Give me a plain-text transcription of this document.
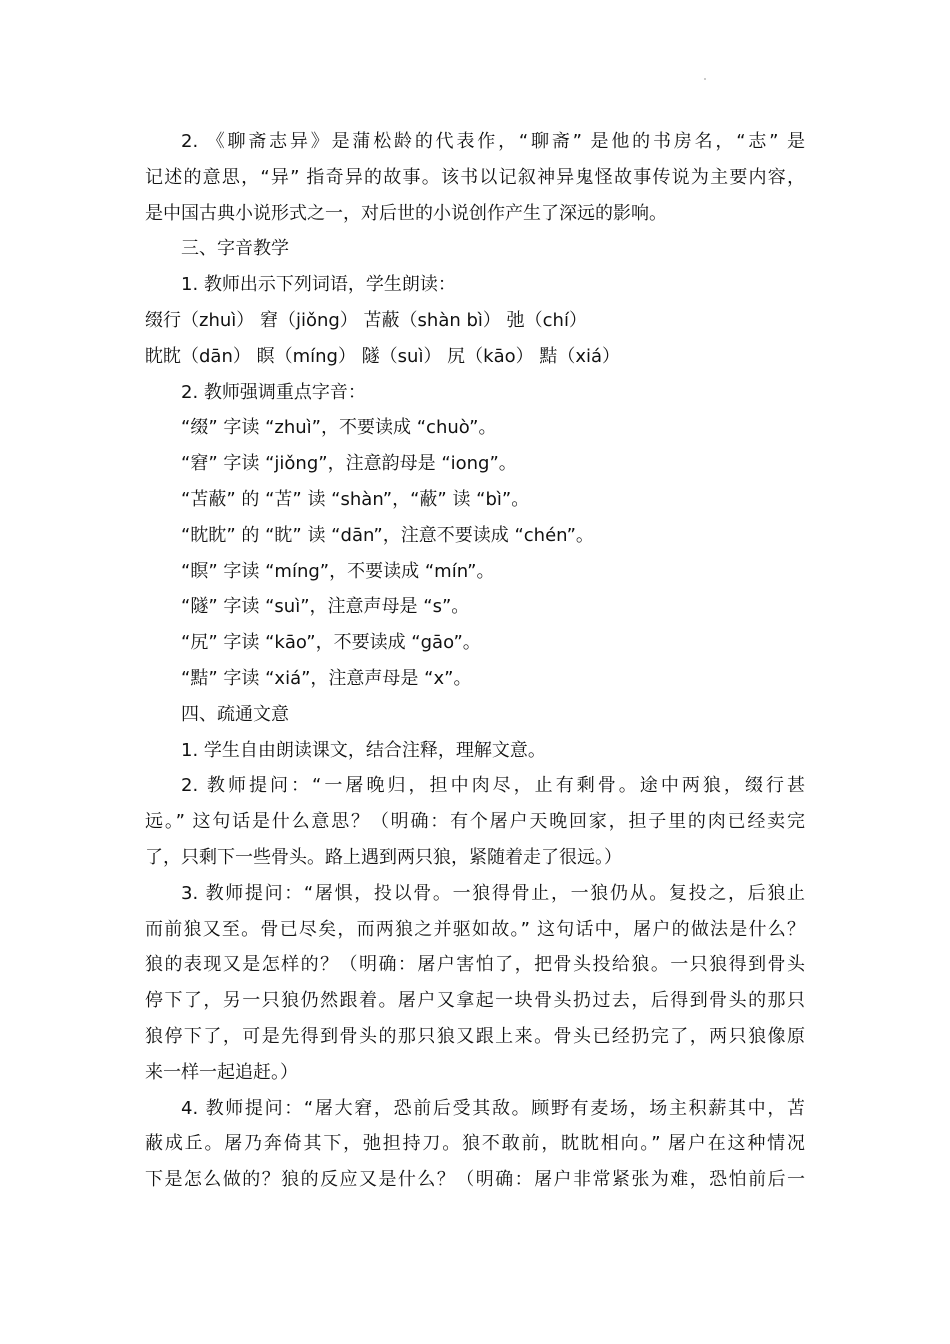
2. 《聊斋志异》是蒲松龄的代表作，“聊斋” 是他的书房名，“志” 是
记述的意思，“异” 指奇异的故事。该书以记叙神异鬼怪故事传说为主要内容，
是中国古典小说形式之一，对后世的小说创作产生了深远的影响。
三、字音教学
1. 教师出示下列词语，学生朗读：
缀行（zhuì） 窘（jiǒng） 苫蔽（shàn bì） 弛（chí）
眈眈（dān） 瞑（míng） 隧（suì） 尻（kāo） 黠（xiá）
2. 教师强调重点字音：
“缀” 字读 “zhuì”，不要读成 “chuò”。
“窘” 字读 “jiǒng”，注意韵母是 “iong”。
“苫蔽” 的 “苫” 读 “shàn”，“蔽” 读 “bì”。
“眈眈” 的 “眈” 读 “dān”，注意不要读成 “chén”。
“瞑” 字读 “míng”，不要读成 “mín”。
“隧” 字读 “suì”，注意声母是 “s”。
“尻” 字读 “kāo”，不要读成 “gāo”。
“黠” 字读 “xiá”，注意声母是 “x”。
四、疏通文意
1. 学生自由朗读课文，结合注释，理解文意。
2. 教师提问：“一屠晚归，担中肉尽，止有剩骨。途中两狼，缀行甚
远。” 这句话是什么意思？（明确：有个屠户天晚回家，担子里的肉已经卖完
了，只剩下一些骨头。路上遇到两只狼，紧随着走了很远。）
3. 教师提问：“屠惧，投以骨。一狼得骨止，一狼仍从。复投之，后狼止
而前狼又至。骨已尽矣，而两狼之并驱如故。” 这句话中，屠户的做法是什么？
狼的表现又是怎样的？（明确：屠户害怕了，把骨头投给狼。一只狼得到骨头
停下了，另一只狼仍然跟着。屠户又拿起一块骨头扔过去，后得到骨头的那只
狼停下了，可是先得到骨头的那只狼又跟上来。骨头已经扔完了，两只狼像原
来一样一起追赶。）
4. 教师提问：“屠大窘，恐前后受其敌。顾野有麦场，场主积薪其中，苫
蔽成丘。屠乃奔倚其下，弛担持刀。狼不敢前，眈眈相向。” 屠户在这种情况
下是怎么做的？狼的反应又是什么？（明确：屠户非常紧张为难，恐怕前后一
